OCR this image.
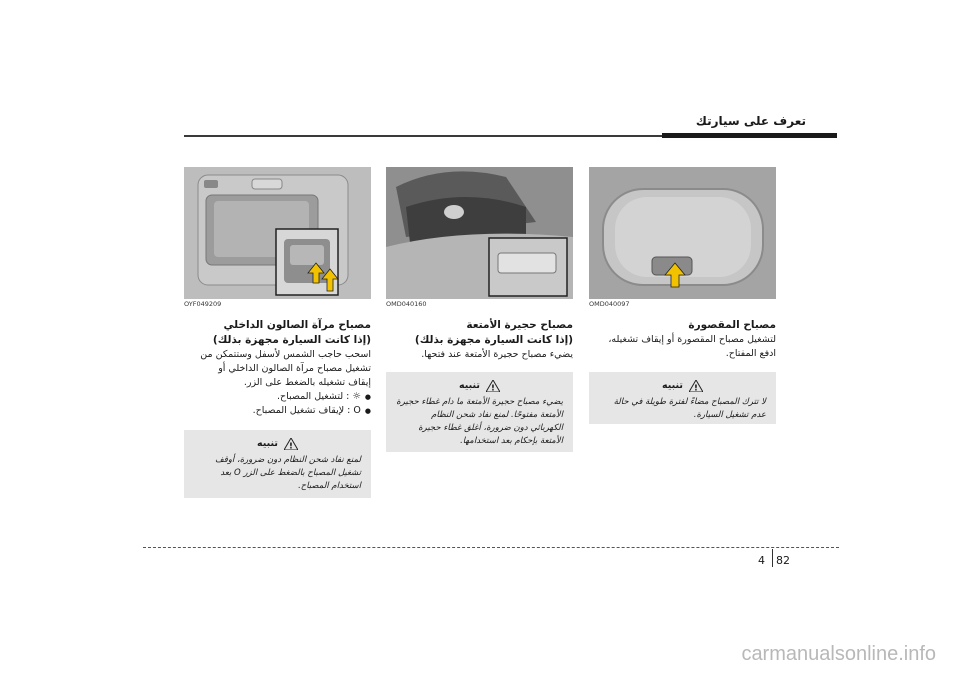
تعرف على سيارتك
OYF049209	OMD040160	OMD040097

مصباح المقصورة

لتشغيل مصباح المقصورة أو إيقاف تشغيله،

ادفع المفتاح.

!
تنبيه
لا تترك المصباح مضاءً لفترة طويلة في حالة عدم تشغيل السيارة.

مصباح حجيرة الأمتعة

(إذا كانت السيارة مجهزة بذلك)

يضيء مصباح حجيرة الأمتعة عند فتحها.

!
تنبيه
يضيء مصباح حجيرة الأمتعة ما دام غطاء حجيرة الأمتعة مفتوحًا. لمنع نفاد شحن النظام الكهربائي دون ضرورة، أغلق غطاء حجيرة الأمتعة بإحكام بعد استخدامها.

مصباح مرآة الصالون الداخلي

(إذا كانت السيارة مجهزة بذلك)

اسحب حاجب الشمس لأسفل وستتمكن من

تشغيل مصباح مرآة الصالون الداخلي أو

إيقاف تشغيله بالضغط على الزر.

● ☼ : لتشغيل المصباح.

● O : لإيقاف تشغيل المصباح.

!
تنبيه
لمنع نفاد شحن النظام دون ضرورة، أوقف تشغيل المصباح بالضغط على الزر O بعد استخدام المصباح.
4 82
carmanualsonline.info
